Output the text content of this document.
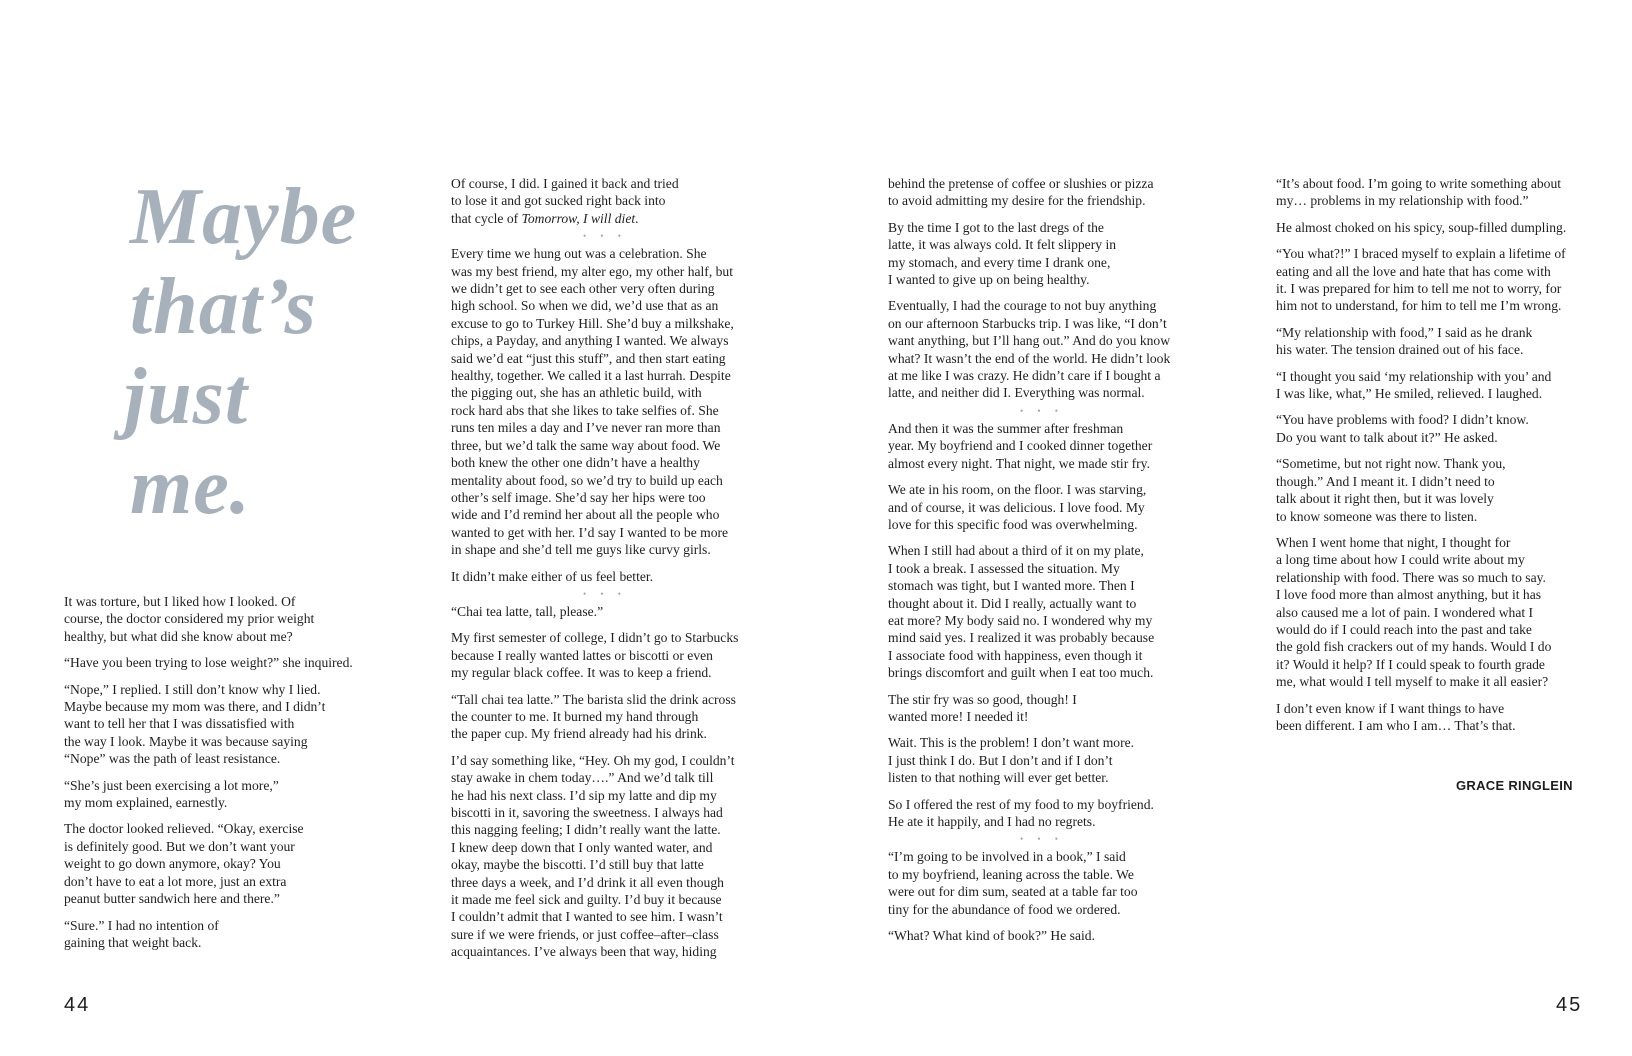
Maybe
that’s
just
me.

It was torture, but I liked how I looked. Of
course, the doctor considered my prior weight
healthy, but what did she know about me?

“Have you been trying to lose weight?” she inquired.

“Nope,” I replied. I still don’t know why I lied.
Maybe because my mom was there, and I didn’t
want to tell her that I was dissatisfied with
the way I look. Maybe it was because saying
“Nope” was the path of least resistance.

“She’s just been exercising a lot more,”
my mom explained, earnestly.

The doctor looked relieved. “Okay, exercise
is definitely good. But we don’t want your
weight to go down anymore, okay? You
don’t have to eat a lot more, just an extra
peanut butter sandwich here and there.”

“Sure.” I had no intention of
gaining that weight back.

Of course, I did. I gained it back and tried
to lose it and got sucked right back into
that cycle of Tomorrow, I will diet.

• • •

Every time we hung out was a celebration. She
was my best friend, my alter ego, my other half, but
we didn’t get to see each other very often during
high school. So when we did, we’d use that as an
excuse to go to Turkey Hill. She’d buy a milkshake,
chips, a Payday, and anything I wanted. We always
said we’d eat “just this stuff”, and then start eating
healthy, together. We called it a last hurrah. Despite
the pigging out, she has an athletic build, with
rock hard abs that she likes to take selfies of. She
runs ten miles a day and I’ve never ran more than
three, but we’d talk the same way about food. We
both knew the other one didn’t have a healthy
mentality about food, so we’d try to build up each
other’s self image. She’d say her hips were too
wide and I’d remind her about all the people who
wanted to get with her. I’d say I wanted to be more
in shape and she’d tell me guys like curvy girls.

It didn’t make either of us feel better.

• • •

“Chai tea latte, tall, please.”

My first semester of college, I didn’t go to Starbucks
because I really wanted lattes or biscotti or even
my regular black coffee. It was to keep a friend.

“Tall chai tea latte.” The barista slid the drink across
the counter to me. It burned my hand through
the paper cup. My friend already had his drink.

I’d say something like, “Hey. Oh my god, I couldn’t
stay awake in chem today….” And we’d talk till
he had his next class. I’d sip my latte and dip my
biscotti in it, savoring the sweetness. I always had
this nagging feeling; I didn’t really want the latte.
I knew deep down that I only wanted water, and
okay, maybe the biscotti. I’d still buy that latte
three days a week, and I’d drink it all even though
it made me feel sick and guilty. I’d buy it because
I couldn’t admit that I wanted to see him. I wasn’t
sure if we were friends, or just coffee–after–class
acquaintances. I’ve always been that way, hiding

behind the pretense of coffee or slushies or pizza
to avoid admitting my desire for the friendship.

By the time I got to the last dregs of the
latte, it was always cold. It felt slippery in
my stomach, and every time I drank one,
I wanted to give up on being healthy.

Eventually, I had the courage to not buy anything
on our afternoon Starbucks trip. I was like, “I don’t
want anything, but I’ll hang out.” And do you know
what? It wasn’t the end of the world. He didn’t look
at me like I was crazy. He didn’t care if I bought a
latte, and neither did I. Everything was normal.

• • •

And then it was the summer after freshman
year. My boyfriend and I cooked dinner together
almost every night. That night, we made stir fry.

We ate in his room, on the floor. I was starving,
and of course, it was delicious. I love food. My
love for this specific food was overwhelming.

When I still had about a third of it on my plate,
I took a break. I assessed the situation. My
stomach was tight, but I wanted more. Then I
thought about it. Did I really, actually want to
eat more? My body said no. I wondered why my
mind said yes. I realized it was probably because
I associate food with happiness, even though it
brings discomfort and guilt when I eat too much.

The stir fry was so good, though! I
wanted more! I needed it!

Wait. This is the problem! I don’t want more.
I just think I do. But I don’t and if I don’t
listen to that nothing will ever get better.

So I offered the rest of my food to my boyfriend.
He ate it happily, and I had no regrets.

• • •

“I’m going to be involved in a book,” I said
to my boyfriend, leaning across the table. We
were out for dim sum, seated at a table far too
tiny for the abundance of food we ordered.

“What? What kind of book?” He said.

“It’s about food. I’m going to write something about
my… problems in my relationship with food.”

He almost choked on his spicy, soup-filled dumpling.

“You what?!” I braced myself to explain a lifetime of
eating and all the love and hate that has come with
it. I was prepared for him to tell me not to worry, for
him not to understand, for him to tell me I’m wrong.

“My relationship with food,” I said as he drank
his water. The tension drained out of his face.

“I thought you said ‘my relationship with you’ and
I was like, what,” He smiled, relieved. I laughed.

“You have problems with food? I didn’t know.
Do you want to talk about it?” He asked.

“Sometime, but not right now. Thank you,
though.” And I meant it. I didn’t need to
talk about it right then, but it was lovely
to know someone was there to listen.

When I went home that night, I thought for
a long time about how I could write about my
relationship with food. There was so much to say.
I love food more than almost anything, but it has
also caused me a lot of pain. I wondered what I
would do if I could reach into the past and take
the gold fish crackers out of my hands. Would I do
it? Would it help? If I could speak to fourth grade
me, what would I tell myself to make it all easier?

I don’t even know if I want things to have
been different. I am who I am… That’s that.

GRACE RINGLEIN
44	45
